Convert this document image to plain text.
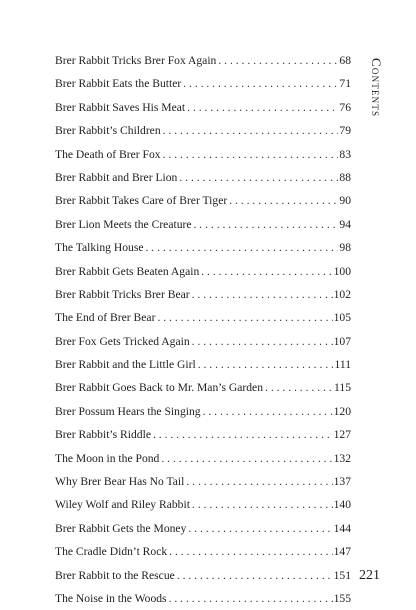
Brer Rabbit Tricks Brer Fox Again . . .	68
Brer Rabbit Eats the Butter . . .	71
Brer Rabbit Saves His Meat . . .	76
Brer Rabbit’s Children . . .	79
The Death of Brer Fox . . .	83
Brer Rabbit and Brer Lion . . .	88
Brer Rabbit Takes Care of Brer Tiger . . .	90
Brer Lion Meets the Creature . . .	94
The Talking House . . .	98
Brer Rabbit Gets Beaten Again . . .	100
Brer Rabbit Tricks Brer Bear . . .	102
The End of Brer Bear . . .	105
Brer Fox Gets Tricked Again . . .	107
Brer Rabbit and the Little Girl . . .	111
Brer Rabbit Goes Back to Mr. Man’s Garden . . .	115
Brer Possum Hears the Singing . . .	120
Brer Rabbit’s Riddle . . .	127
The Moon in the Pond . . .	132
Why Brer Bear Has No Tail . . .	137
Wiley Wolf and Riley Rabbit . . .	140
Brer Rabbit Gets the Money . . .	144
The Cradle Didn’t Rock . . .	147
Brer Rabbit to the Rescue . . .	151
The Noise in the Woods . . .	155
Contents
221
